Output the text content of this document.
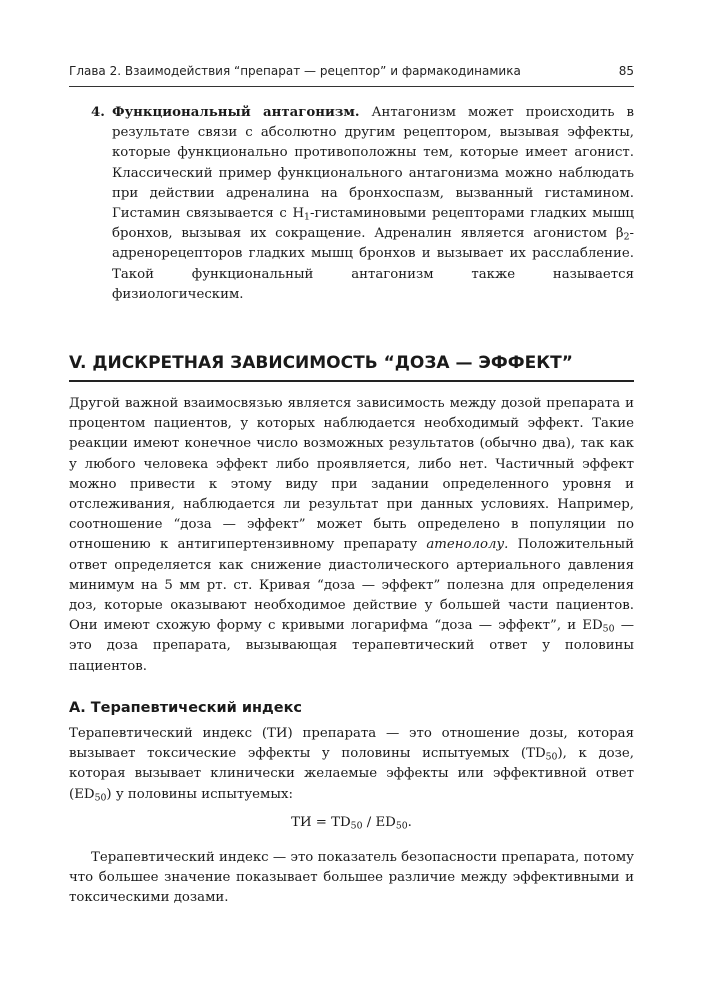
Глава 2. Взаимодействия “препарат — рецептор” и фармакодинамика	85
4. Функциональный антагонизм. Антагонизм может происходить в результате связи с абсолютно другим рецептором, вызывая эффекты, которые функционально противоположны тем, которые имеет агонист. Классический пример функционального антагонизма можно наблюдать при действии адреналина на бронхоспазм, вызванный гистамином. Гистамин связывается с $H_1$-гистаминовыми рецепторами гладких мышц бронхов, вызывая их сокращение. Адреналин является агонистом $\beta_2$-адренорецепторов гладких мышц бронхов и вызывает их расслабление. Такой функциональный антагонизм также называется физиологическим.
V. ДИСКРЕТНАЯ ЗАВИСИМОСТЬ “ДОЗА — ЭФФЕКТ”
Другой важной взаимосвязью является зависимость между дозой препарата и процентом пациентов, у которых наблюдается необходимый эффект. Такие реакции имеют конечное число возможных результатов (обычно два), так как у любого человека эффект либо проявляется, либо нет. Частичный эффект можно привести к этому виду при задании определенного уровня и отслеживания, наблюдается ли результат при данных условиях. Например, соотношение “доза — эффект” может быть определено в популяции по отношению к антигипертензивному препарату атенололу. Положительный ответ определяется как снижение диастолического артериального давления минимум на 5 мм рт. ст. Кривая “доза — эффект” полезна для определения доз, которые оказывают необходимое действие у большей части пациентов. Они имеют схожую форму с кривыми логарифма “доза — эффект”, и $ED_{50}$ — это доза препарата, вызывающая терапевтический ответ у половины пациентов.
А. Терапевтический индекс
Терапевтический индекс (ТИ) препарата — это отношение дозы, которая вызывает токсические эффекты у половины испытуемых $(TD_{50})$, к дозе, которая вызывает клинически желаемые эффекты или эффективной ответ $(ED_{50})$ у половины испытуемых:
ТИ = $TD_{50} / ED_{50}$.
Терапевтический индекс — это показатель безопасности препарата, потому что большее значение показывает большее различие между эффективными и токсическими дозами.
